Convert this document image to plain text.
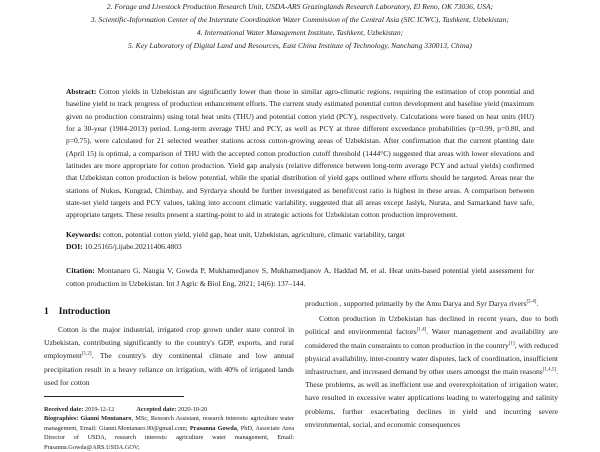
2. Forage and Livestock Production Research Unit, USDA-ARS Grazinglands Research Laboratory, El Reno, OK 73036, USA;
3. Scientific-Information Center of the Interstate Coordination Water Commission of the Central Asia (SIC ICWC), Tashkent, Uzbekistan;
4. International Water Management Institute, Tashkent, Uzbekistan;
5. Key Laboratory of Digital Land and Resources, East China Institute of Technology, Nanchang 330013, China)
Abstract: Cotton yields in Uzbekistan are significantly lower than those in similar agro-climatic regions, requiring the estimation of crop potential and baseline yield to track progress of production enhancement efforts. The current study estimated potential cotton development and baseline yield (maximum given no production constraints) using total heat units (THU) and potential cotton yield (PCY), respectively. Calculations were based on heat units (HU) for a 30-year (1984-2013) period. Long-term average THU and PCY, as well as PCY at three different exceedance probabilities (p=0.99, p=0.80, and p=0.75), were calculated for 21 selected weather stations across cotton-growing areas of Uzbekistan. After confirmation that the current planting date (April 15) is optimal, a comparison of THU with the accepted cotton production cutoff threshold (1444°C) suggested that areas with lower elevations and latitudes are more appropriate for cotton production. Yield gap analysis (relative difference between long-term average PCY and actual yields) confirmed that Uzbekistan cotton production is below potential, while the spatial distribution of yield gaps outlined where efforts should be targeted. Areas near the stations of Nukus, Kungrad, Chimbay, and Syrdarya should be further investigated as benefit/cost ratio is highest in these areas. A comparison between state-set yield targets and PCY values, taking into account climatic variability, suggested that all areas except Jaslyk, Nurata, and Samarkand have safe, appropriate targets. These results present a starting-point to aid in strategic actions for Uzbekistan cotton production improvement.
Keywords: cotton, potential cotton yield, yield gap, heat unit, Uzbekistan, agriculture, climatic variability, target
DOI: 10.25165/j.ijabe.20211406.4803
Citation: Montanaro G, Nangia V, Gowda P, Mukhamedjanov S, Mukhamedjanov A, Haddad M, et al. Heat units-based potential yield assessment for cotton production in Uzbekistan. Int J Agric & Biol Eng, 2021; 14(6): 137–144.
1 Introduction

Cotton is the major industrial, irrigated crop grown under state control in Uzbekistan, contributing significantly to the country's GDP, exports, and rural employment[1,2]. The country's dry continental climate and low annual precipitation result in a heavy reliance on irrigation, with 40% of irrigated lands used for cotton

production , supported primarily by the Amu Darya and Syr Darya rivers[2-4].

Cotton production in Uzbekistan has declined in recent years, due to both political and environmental factors[1,4]. Water management and availability are considered the main constraints to cotton production in the country[1], with reduced physical availability, inter-country water disputes, lack of coordination, insufficient infrastructure, and increased demand by other users amongst the main reasons[1,4,5]. These problems, as well as inefficient use and overexploitation of irrigation water, have resulted in excessive water applications leading to waterlogging and salinity problems, further exacerbating declines in yield and incurring severe environmental, social, and economic consequences

Received date: 2019-12-12	Accepted date: 2020-10-20
Biographies: Gianni Montanaro, MSc, Research Assistant, research interests: agriculture water management, Email: Gianni.Montanaro.90@gmail.com; Prasanna Gowda, PhD, Associate Area Director of USDA, research interests: agriculture water management, Email: Prasanna.Gowda@ARS.USDA.GOV;
